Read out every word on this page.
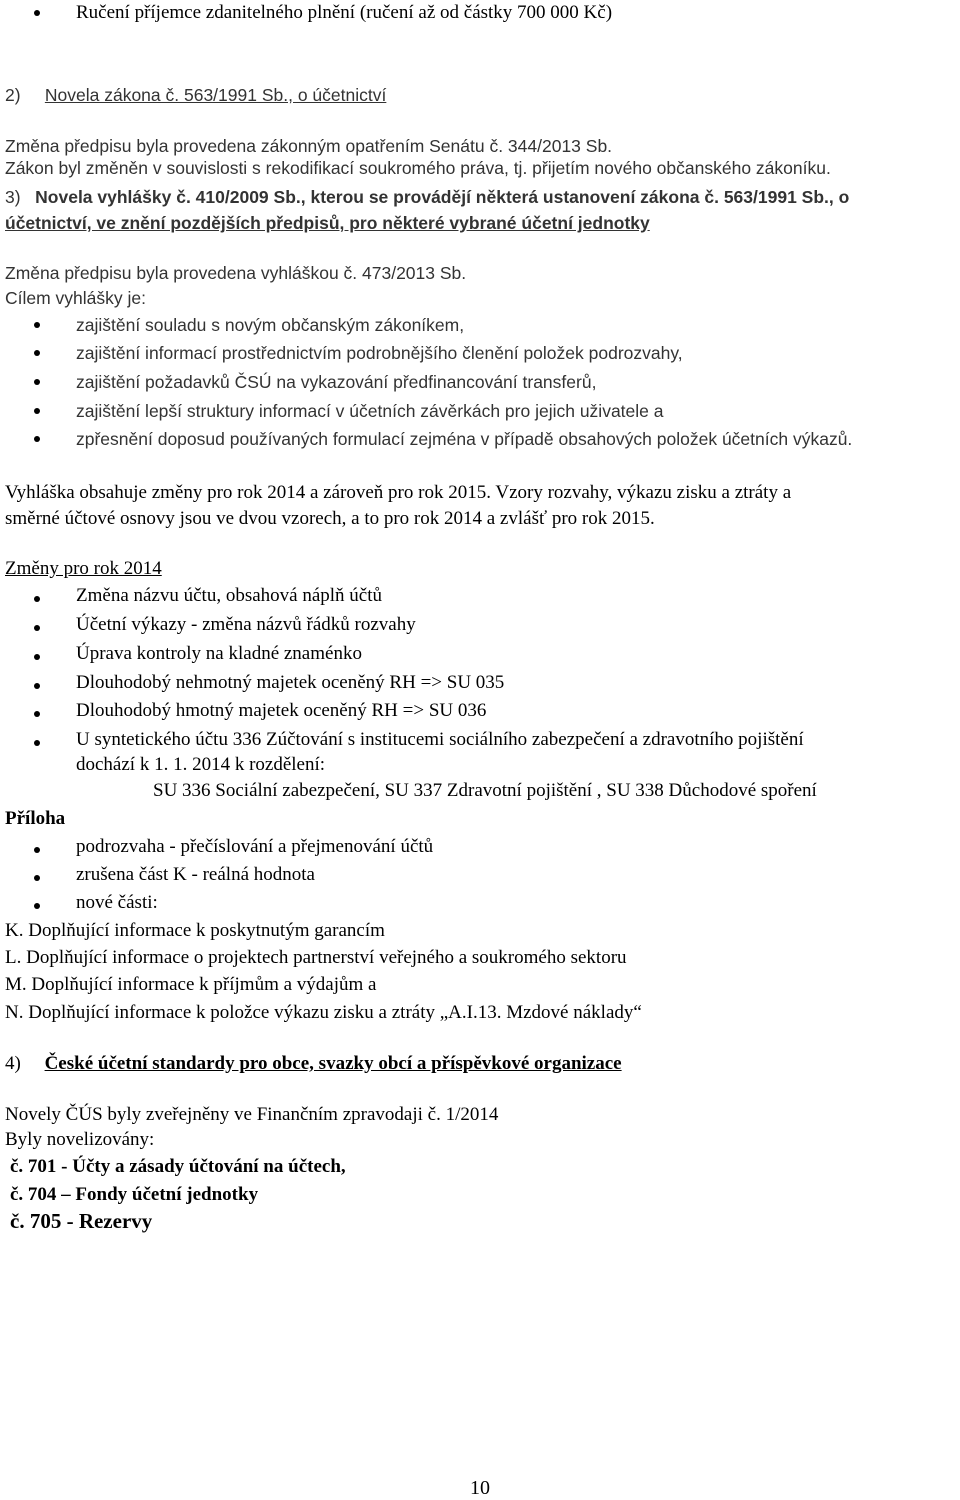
Ručení příjemce zdanitelného plnění (ručení až od částky 700 000 Kč)
2) Novela zákona č. 563/1991 Sb., o účetnictví
Změna předpisu byla provedena zákonným opatřením Senátu č. 344/2013 Sb.
Zákon byl změněn v souvislosti s rekodifikací soukromého práva, tj. přijetím nového občanského zákoníku.
3) Novela vyhlášky č. 410/2009 Sb., kterou se provádějí některá ustanovení zákona č. 563/1991 Sb., o
účetnictví, ve znění pozdějších předpisů, pro některé vybrané účetní jednotky
Změna předpisu byla provedena vyhláškou č. 473/2013 Sb.
Cílem vyhlášky je:
zajištění souladu s novým občanským zákoníkem,
zajištění informací prostřednictvím podrobnějšího členění položek podrozvahy,
zajištění požadavků ČSÚ na vykazování předfinancování transferů,
zajištění lepší struktury informací v účetních závěrkách pro jejich uživatele a
zpřesnění doposud používaných formulací zejména v případě obsahových položek účetních výkazů.
Vyhláška obsahuje změny pro rok 2014 a zároveň pro rok 2015. Vzory rozvahy, výkazu zisku a ztráty a
směrné účtové osnovy jsou ve dvou vzorech, a to pro rok 2014 a zvlášť pro rok 2015.
Změny pro rok 2014
Změna názvu účtu, obsahová náplň účtů
Účetní výkazy - změna názvů řádků rozvahy
Úprava kontroly na kladné znaménko
Dlouhodobý nehmotný majetek oceněný RH => SU 035
Dlouhodobý hmotný majetek oceněný RH => SU 036
U syntetického účtu 336 Zúčtování s institucemi sociálního zabezpečení a zdravotního pojištění
dochází k 1. 1. 2014 k rozdělení:
SU 336 Sociální zabezpečení, SU 337 Zdravotní pojištění , SU 338 Důchodové spoření
Příloha
podrozvaha - přečíslování a přejmenování účtů
zrušena část K - reálná hodnota
nové části:
K. Doplňující informace k poskytnutým garancím
L. Doplňující informace o projektech partnerství veřejného a soukromého sektoru
M. Doplňující informace k příjmům a výdajům a
N. Doplňující informace k položce výkazu zisku a ztráty „A.I.13. Mzdové náklady“
4) České účetní standardy pro obce, svazky obcí a příspěvkové organizace
Novely ČÚS byly zveřejněny ve Finančním zpravodaji č. 1/2014
Byly novelizovány:
č. 701 - Účty a zásady účtování na účtech,
č. 704 – Fondy účetní jednotky
č. 705 - Rezervy
10
